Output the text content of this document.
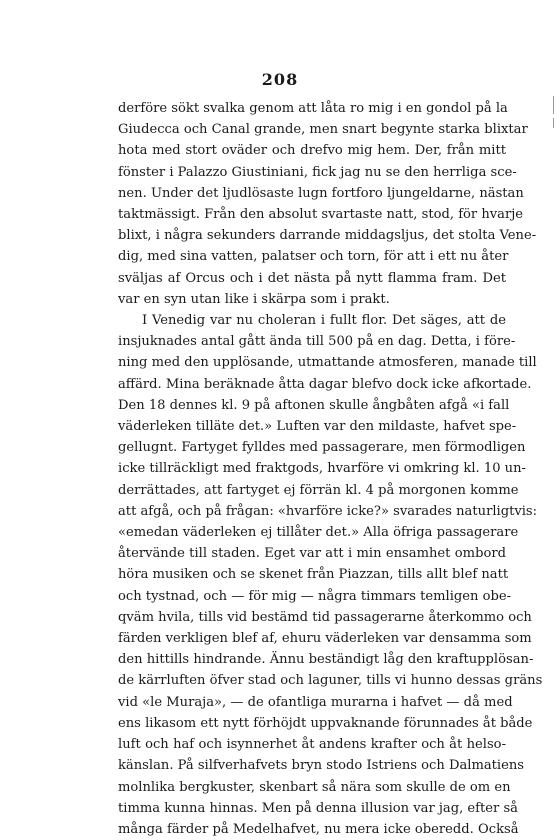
208
derföre sökt svalka genom att låta ro mig i en gondol på la
Giudecca och Canal grande, men snart begynte starka blixtar
hota med stort oväder och drefvo mig hem. Der, från mitt
fönster i Palazzo Giustiniani, fick jag nu se den herrliga sce-
nen. Under det ljudlösaste lugn fortforo ljungeldarne, nästan
taktmässigt. Från den absolut svartaste natt, stod, för hvarje
blixt, i några sekunders darrande middagsljus, det stolta Vene-
dig, med sina vatten, palatser och torn, för att i ett nu åter
sväljas af Orcus och i det nästa på nytt flamma fram. Det
var en syn utan like i skärpa som i prakt.
I Venedig var nu choleran i fullt flor. Det säges, att de
insjuknades antal gått ända till 500 på en dag. Detta, i före-
ning med den upplösande, utmattande atmosferen, manade till
affärd. Mina beräknade åtta dagar blefvo dock icke afkortade.
Den 18 dennes kl. 9 på aftonen skulle ångbåten afgå «i fall
väderleken tilläte det.» Luften var den mildaste, hafvet spe-
gellugnt. Fartyget fylldes med passagerare, men förmodligen
icke tillräckligt med fraktgods, hvarföre vi omkring kl. 10 un-
derrättades, att fartyget ej förrän kl. 4 på morgonen komme
att afgå, och på frågan: «hvarföre icke?» svarades naturligtvis:
«emedan väderleken ej tillåter det.» Alla öfriga passagerare
återvände till staden. Eget var att i min ensamhet ombord
höra musiken och se skenet från Piazzan, tills allt blef natt
och tystnad, och — för mig — några timmars temligen obe-
qväm hvila, tills vid bestämd tid passagerarne återkommo och
färden verkligen blef af, ehuru väderleken var densamma som
den hittills hindrande. Ännu beständigt låg den kraftupplösan-
de kärrluften öfver stad och laguner, tills vi hunno dessas gräns
vid «le Muraja», — de ofantliga murarna i hafvet — då med
ens likasom ett nytt förhöjdt uppvaknande förunnades åt både
luft och haf och isynnerhet åt andens krafter och åt helso-
känslan. På silfverhafvets bryn stodo Istriens och Dalmatiens
molnlika bergkuster, skenbart så nära som skulle de om en
timma kunna hinnas. Men på denna illusion var jag, efter så
många färder på Medelhafvet, nu mera icke oberedd. Också
